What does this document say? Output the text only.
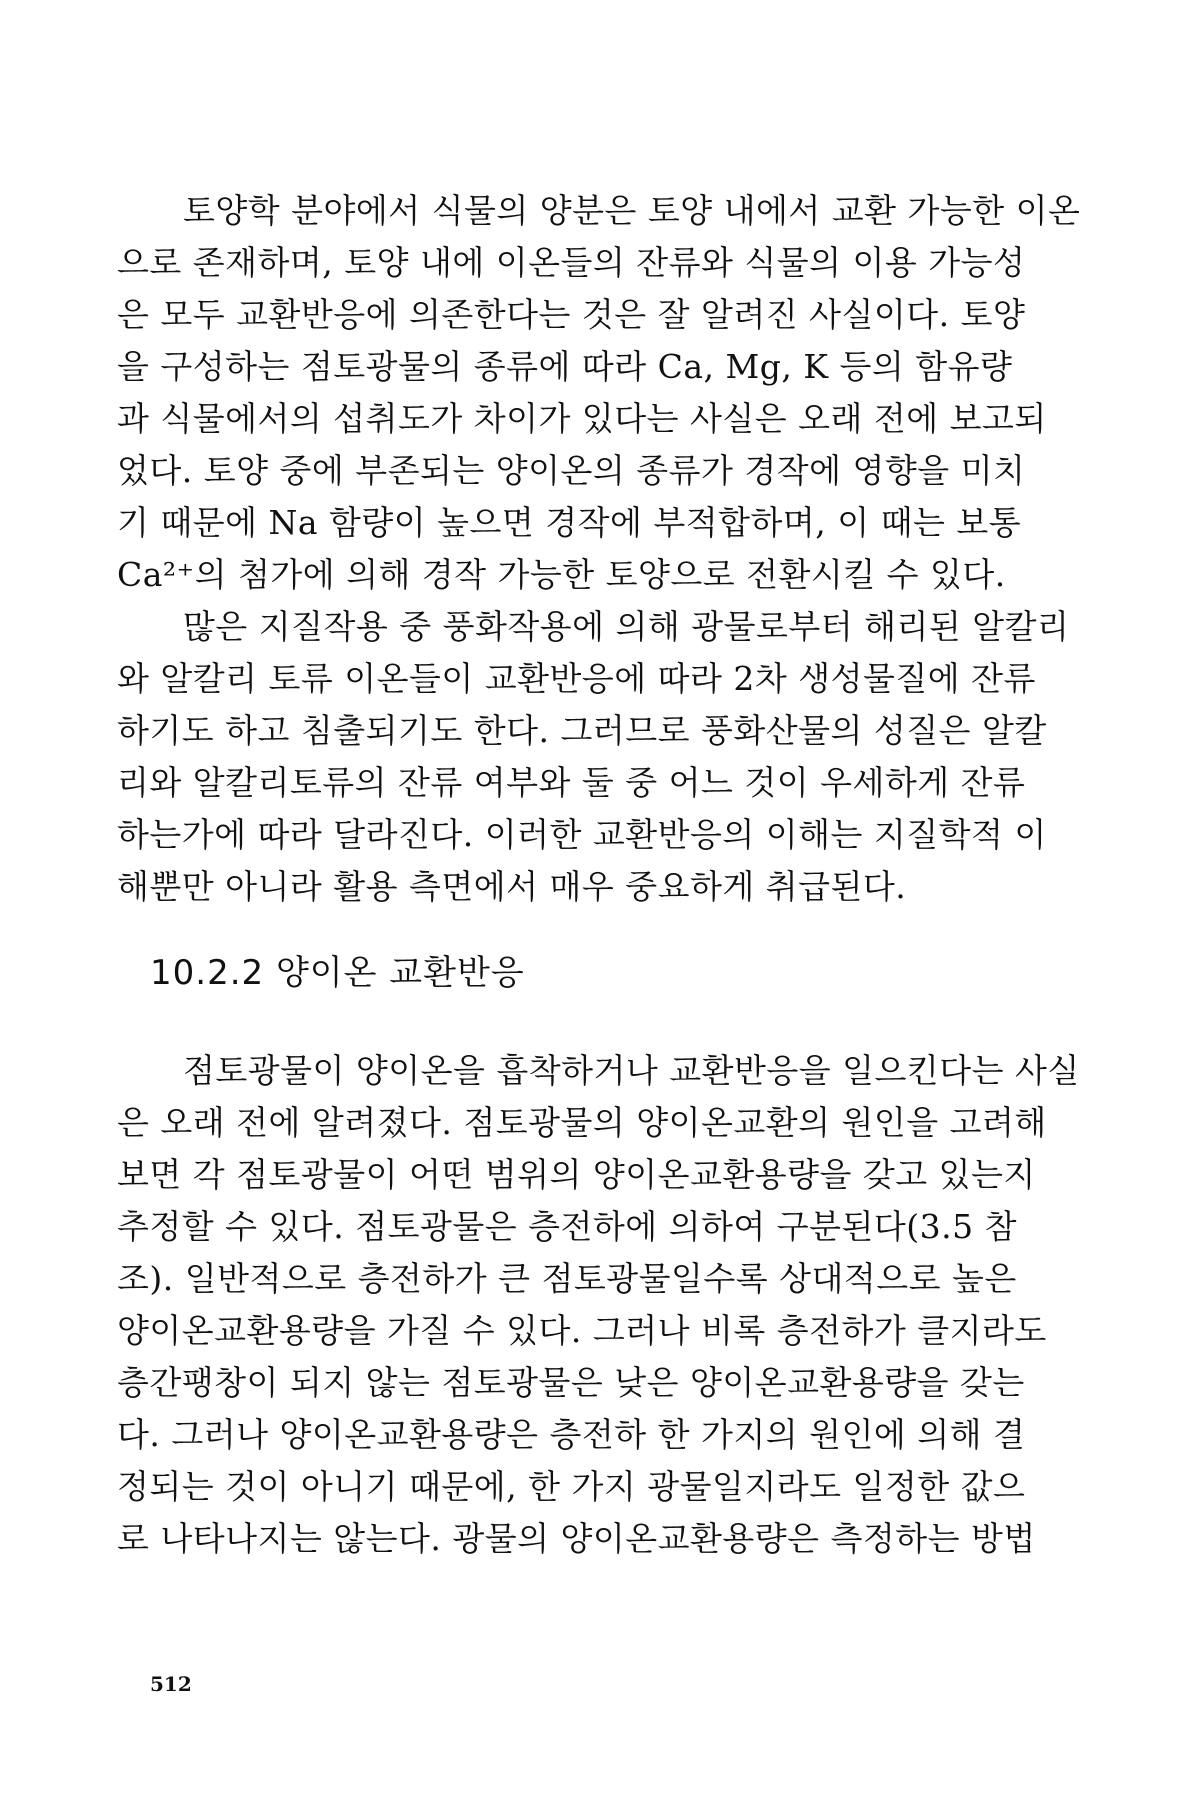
토양학 분야에서 식물의 양분은 토양 내에서 교환 가능한 이온
으로 존재하며, 토양 내에 이온들의 잔류와 식물의 이용 가능성
은 모두 교환반응에 의존한다는 것은 잘 알려진 사실이다. 토양
을 구성하는 점토광물의 종류에 따라 Ca, Mg, K 등의 함유량
과 식물에서의 섭취도가 차이가 있다는 사실은 오래 전에 보고되
었다. 토양 중에 부존되는 양이온의 종류가 경작에 영향을 미치
기 때문에 Na 함량이 높으면 경작에 부적합하며, 이 때는 보통
Ca²⁺의 첨가에 의해 경작 가능한 토양으로 전환시킬 수 있다.

많은 지질작용 중 풍화작용에 의해 광물로부터 해리된 알칼리
와 알칼리 토류 이온들이 교환반응에 따라 2차 생성물질에 잔류
하기도 하고 침출되기도 한다. 그러므로 풍화산물의 성질은 알칼
리와 알칼리토류의 잔류 여부와 둘 중 어느 것이 우세하게 잔류
하는가에 따라 달라진다. 이러한 교환반응의 이해는 지질학적 이
해뿐만 아니라 활용 측면에서 매우 중요하게 취급된다.

10.2.2 양이온 교환반응

점토광물이 양이온을 흡착하거나 교환반응을 일으킨다는 사실
은 오래 전에 알려졌다. 점토광물의 양이온교환의 원인을 고려해
보면 각 점토광물이 어떤 범위의 양이온교환용량을 갖고 있는지
추정할 수 있다. 점토광물은 층전하에 의하여 구분된다(3.5 참
조). 일반적으로 층전하가 큰 점토광물일수록 상대적으로 높은
양이온교환용량을 가질 수 있다. 그러나 비록 층전하가 클지라도
층간팽창이 되지 않는 점토광물은 낮은 양이온교환용량을 갖는
다. 그러나 양이온교환용량은 층전하 한 가지의 원인에 의해 결
정되는 것이 아니기 때문에, 한 가지 광물일지라도 일정한 값으
로 나타나지는 않는다. 광물의 양이온교환용량은 측정하는 방법

512
